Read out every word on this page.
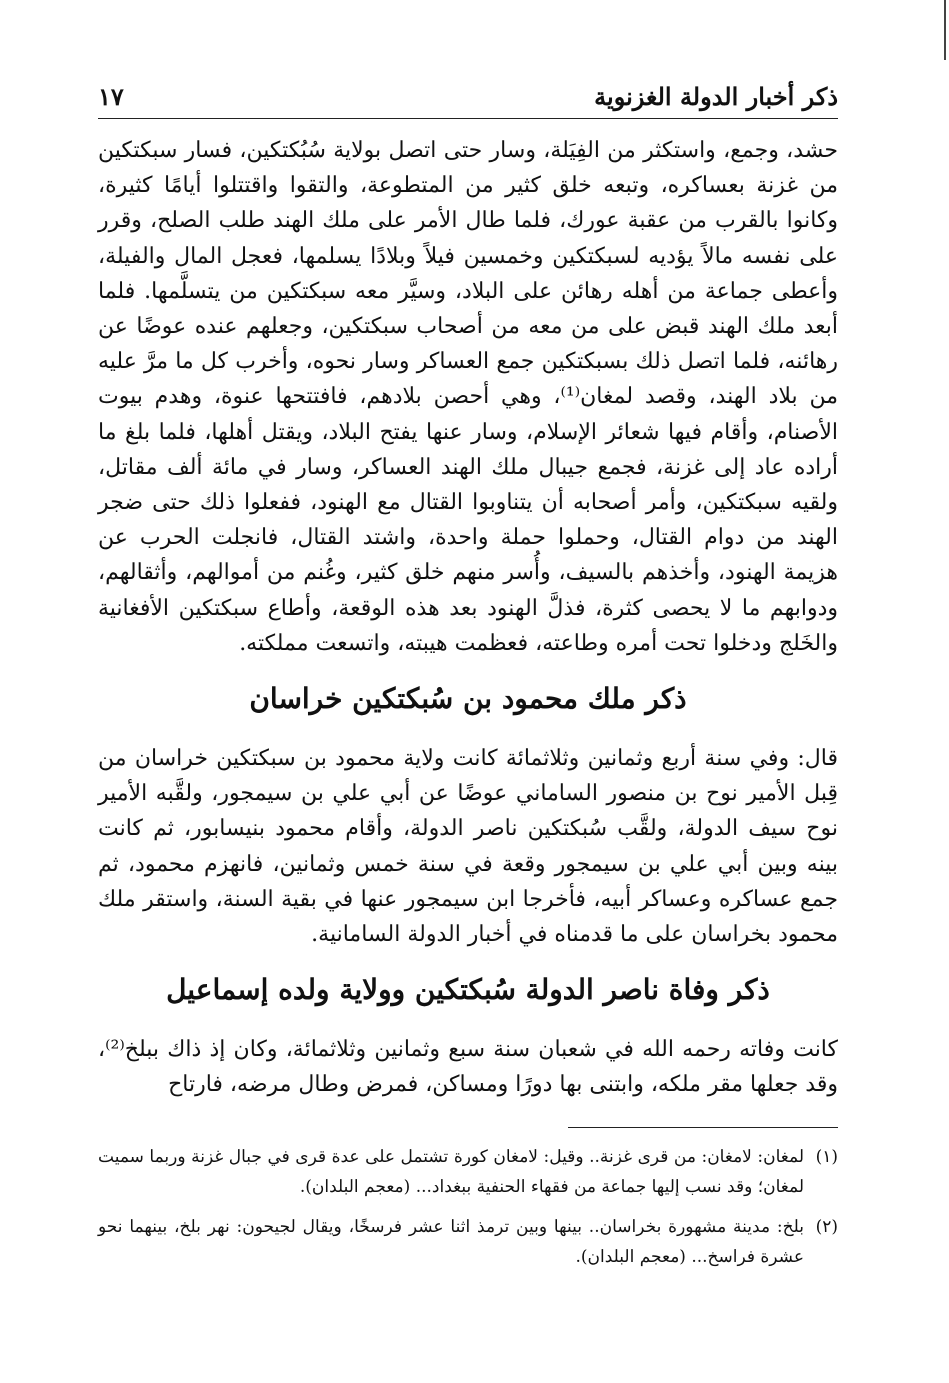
ذكر أخبار الدولة الغزنوية
١٧

حشد، وجمع، واستكثر من الفِيَلة، وسار حتى اتصل بولاية سُبُكتكين، فسار سبكتكين من غزنة بعساكره، وتبعه خلق كثير من المتطوعة، والتقوا واقتتلوا أيامًا كثيرة، وكانوا بالقرب من عقبة عورك، فلما طال الأمر على ملك الهند طلب الصلح، وقرر على نفسه مالاً يؤديه لسبكتكين وخمسين فيلاً وبلادًا يسلمها، فعجل المال والفيلة، وأعطى جماعة من أهله رهائن على البلاد، وسيَّر معه سبكتكين من يتسلَّمها. فلما أبعد ملك الهند قبض على من معه من أصحاب سبكتكين، وجعلهم عنده عوضًا عن رهائنه، فلما اتصل ذلك بسبكتكين جمع العساكر وسار نحوه، وأخرب كل ما مرَّ عليه من بلاد الهند، وقصد لمغان⁽¹⁾، وهي أحصن بلادهم، فافتتحها عنوة، وهدم بيوت الأصنام، وأقام فيها شعائر الإسلام، وسار عنها يفتح البلاد، ويقتل أهلها، فلما بلغ ما أراده عاد إلى غزنة، فجمع جيبال ملك الهند العساكر، وسار في مائة ألف مقاتل، ولقيه سبكتكين، وأمر أصحابه أن يتناوبوا القتال مع الهنود، ففعلوا ذلك حتى ضجر الهند من دوام القتال، وحملوا حملة واحدة، واشتد القتال، فانجلت الحرب عن هزيمة الهنود، وأخذهم بالسيف، وأُسر منهم خلق كثير، وغُنم من أموالهم، وأثقالهم، ودوابهم ما لا يحصى كثرة، فذلَّ الهنود بعد هذه الوقعة، وأطاع سبكتكين الأفغانية والخَلج ودخلوا تحت أمره وطاعته، فعظمت هيبته، واتسعت مملكته.

ذكر ملك محمود بن سُبكتكين خراسان

قال: وفي سنة أربع وثمانين وثلاثمائة كانت ولاية محمود بن سبكتكين خراسان من قِبل الأمير نوح بن منصور الساماني عوضًا عن أبي علي بن سيمجور، ولقَّبه الأمير نوح سيف الدولة، ولقَّب سُبكتكين ناصر الدولة، وأقام محمود بنيسابور، ثم كانت بينه وبين أبي علي بن سيمجور وقعة في سنة خمس وثمانين، فانهزم محمود، ثم جمع عساكره وعساكر أبيه، فأخرجا ابن سيمجور عنها في بقية السنة، واستقر ملك محمود بخراسان على ما قدمناه في أخبار الدولة السامانية.

ذكر وفاة ناصر الدولة سُبكتكين وولاية ولده إسماعيل

كانت وفاته رحمه الله في شعبان سنة سبع وثمانين وثلاثمائة، وكان إذ ذاك ببلخ⁽²⁾، وقد جعلها مقر ملكه، وابتنى بها دورًا ومساكن، فمرض وطال مرضه، فارتاح

(١)
لمغان: لامغان: من قرى غزنة.. وقيل: لامغان كورة تشتمل على عدة قرى في جبال غزنة وربما سميت لمغان؛ وقد نسب إليها جماعة من فقهاء الحنفية ببغداد... (معجم البلدان).
(٢)
بلخ: مدينة مشهورة بخراسان.. بينها وبين ترمذ اثنا عشر فرسخًا، ويقال لجيحون: نهر بلخ، بينهما نحو عشرة فراسخ... (معجم البلدان).
